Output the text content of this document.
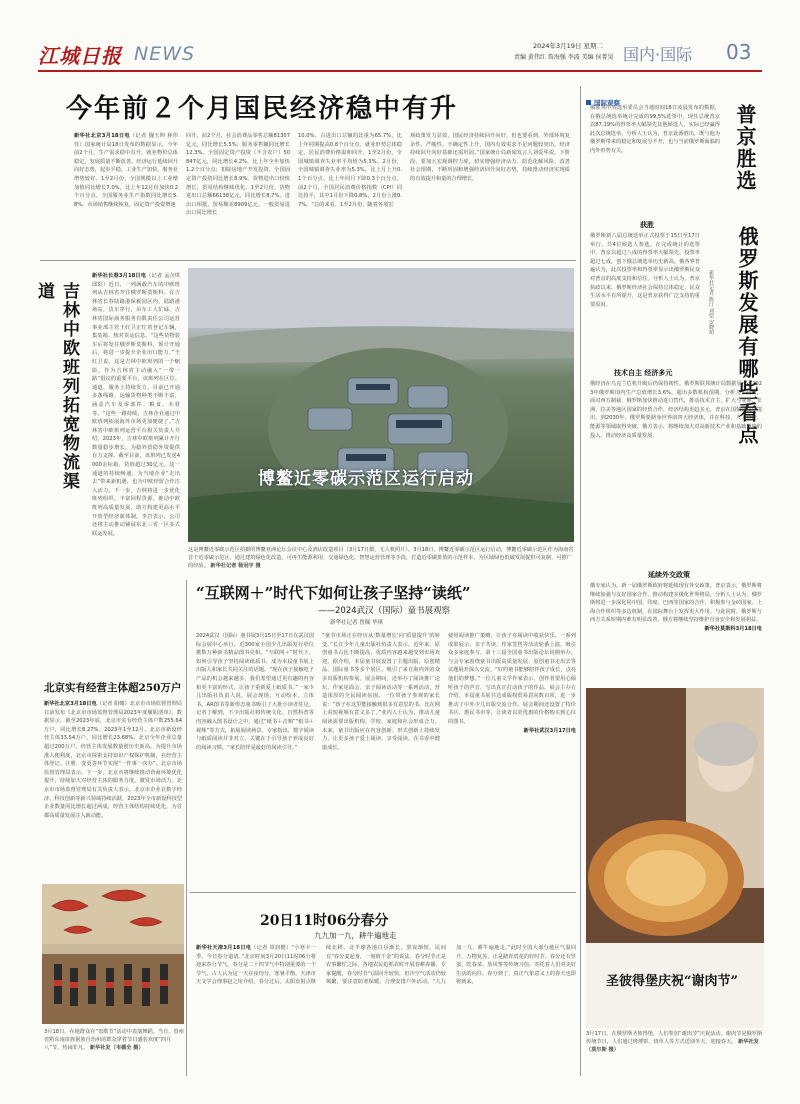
江城日报 NEWS	2024年3月19日 星期二
责编 黄伟红 詹海强 李波 美编 侯菁昊 国内·国际 03
今年前２个月国民经济稳中有升
新华社北京3月18日电（记者 魏玉坤 林伟佳）国家统计局18日发布的数据显示，今年前2个月，生产需求稳中有升，就业物价总体稳定，发展质量不断改善，经济运行延续回升向好态势，起步平稳。工业生产加快，服务业增势较好。1至2月份，全国规模以上工业增加值同比增长7.0%，比上年12月份加快0.2个百分点。全国服务业生产指数同比增长5.8%。市场销售继续恢复，固定资产投资增速
回升。前2个月，社会消费品零售总额81307亿元，同比增长5.5%；服务零售额同比增长12.3%。全国固定资产投资（不含农户）50847亿元，同比增长4.2%，比上年全年加快1.2个百分点；扣除房地产开发投资，全国固定资产投资同比增长8.9%。货物进出口较快增长，贸易结构继续优化。1至2月份，货物进出口总额66138亿元，同比增长8.7%。进出口相抵，贸易顺差8909亿元。一般贸易进出口同比增长
10.0%，占进出口总额的比重为65.7%，比上年同期提高0.8个百分点。就业形势总体稳定，居民消费价格温和回升。1至2月份，全国城镇调查失业率平均值为5.3%。2月份，全国城镇调查失业率为5.3%，比上月上升0.1个百分点，比上年同月下降0.3个百分点。前2个月，全国居民消费价格指数（CPI）同比持平，其中1月份下降0.8%，2月份上涨0.7%。“总的来看，1至2月份，随着各项宏
观政策发力显效，国民经济持续回升向好，但也要看到，外部环境复杂性、严峻性、不确定性上升，国内有效需求不足问题较突出，经济持续回升向好基础还需巩固。”国家统计局新闻发言人刘爱华说，下阶段，要加大宏观调控力度，切实增强经济活力、防范化解风险、改善社会预期，不断巩固和增强经济回升向好态势，持续推动经济实现质的有效提升和量的合理增长。
吉林中欧班列拓宽物流渠道
新华社长春3月18日电（记者 孟含琪 邱阳）近日，一列满载汽车的中欧班列从吉林省开往俄罗斯莫斯科。在吉林省长春陆路港保税园区内，陆路港场站，货车穿行，吊车工人忙碌，吉林省国际商务服务有限责任公司运营事业部主管王红卫正忙着登记车辆，集装箱、核对货运信息。“这些货物装车后将发往俄罗斯莫斯科，预计开通后，将进一步提升企业出口能力。”王红卫说。这是吉林中欧班列的一个缩影。作为吉林省主动融入“一带一路”倡议的重要平台，该班列在区位、通道、服务上持续发力，目前已开通多条线路，运输货物种类不断丰富，涵盖汽车及零部件、粮食、木材等。“这些一路持续，吉林企业通过中欧班列拓展海外市场更加便捷了。”吉林省中欧班列运营平台相关负责人介绍，2023年，吉林中欧班列累计开行数量稳步增长，为稳外贸稳外资提供有力支撑。截至目前，该班列已发送4000余标箱，货值超过30亿元。这一通道的持续畅通，为当地企业“走出去”带来新机遇，也为中欧经贸合作注入活力。下一步，吉林将进一步优化班列组织，丰富回程货源，推动中欧班列高质量发展，助力构建更高水平开放型经济新体制。李岩表示，公司还将主动推动铺展东北三省一区多式联运发展。
博鳌近零碳示范区运行启动
这是博鳌近零碳示范区拍摄的博鳌亚洲论坛会议中心及酒店改造项目（3月17日摄，无人机照片）。3月18日，博鳌近零碳示范区运行启动，博鳌近零碳示范区作为海南省首个近零碳示范区，通过建筑绿色化改造、可再生能源利用、交通绿色化、智慧运营管理等手段，打造近零碳排放的示范样本，为区域绿色低碳发展提供可复制、可推广的经验。 新华社记者 杨冠宇 摄
北京实有经营主体超250万户
新华社北京3月18日电（记者 阳娜）北京市市场监督管理局日前发布《北京市市场监督管理局2023年度履职清单》。数据显示，截至2023年底，北京市实有经营主体户数255.64万户，同比增长8.27%。2023年1至12月，北京市新设经营主体33.54万户，同比增长23.68%。北京全年企业总量超过200万户，经营主体发展数量创历史新高。为提升市场准入便利度，北京市探索支持知识产权保护机制，在经营主体登记、注册、变更等环节实现“一件事一次办”。北京市场监督管理局表示，下一步，北京市将继续推动营商环境优化提升，持续加大对经营主体的服务力度，激发市场活力。北京市市场监督管理局有关负责人表示，北京市企业在数字经济、科技创新等新兴领域持续活跃，2023年全市新设科技型企业数量同比增长超过两成，经营主体结构持续优化，为首都高质量发展注入新动能。
3月18日，在地群众在“盘歌节”活动中表演舞蹈。当日，贵州省黔东南苗族侗族自治州的群众穿着节日盛装欢度“四月八”节，热闹非凡。 新华社发（韦德全 摄）
“互联网＋”时代下如何让孩子坚持“读纸”
——2024武汉（国际）童书展观察
新华社记者 曾佩 毕琪
2024武汉（国际）童书展3月15日至17日在武汉国际会展中心举行，近300家全国少儿出版发行单位携数万种新书精品图书亮相。“互联网＋”时代下，如何引导孩子坚持阅读纸质书，成为本届童书展上出版人和家长共同关注的话题。“现在孩子接触电子产品的机会越来越多，我们希望通过更有趣的内容和更丰富的形式，让孩子重新爱上纸质书。”一家少儿出版社负责人说。展会现场，互动绘本、立体书、AR图书等新形态童书吸引了大批小读者驻足。记者了解到，不少出版社将传统文化、自然科普等内容融入图书设计之中，通过“纸书＋音频”“纸书＋视频”等方式，拓展阅读场景。专家指出，数字阅读与纸质阅读并非对立，关键在于引导孩子养成良好的阅读习惯。“家长陪伴是最好的阅读引导。”
“童书市场正在经历从‘数量增长’向‘质量提升’的转变。”长江少年儿童出版社负责人表示，近年来，原创童书占比不断提高，优质内容越来越受到市场欢迎。据介绍，本届童书展设置了主题出版、原创精品、国际童书等多个展区，吸引了来自海内外的众多出版机构参展。展会期间，还举办了阅读推广论坛、作家见面会、亲子阅读活动等一系列活动，营造浓厚的全民阅读氛围。一位带孩子参观的家长说：“孩子在这里能接触到很多有意思的书，比在网上看短视频有意义多了。”业内人士认为，推动儿童阅读需要出版机构、学校、家庭和社会形成合力。未来，童书出版应在内容创新、形式创新上持续发力，让更多孩子爱上阅读、享受阅读，在书香中健康成长。
使用阅读推广策略，让孩子在阅读中收获快乐。一系列成果展示、亲子共读、作家签售等活动轮番上演，吸引众多家庭参与。第十三届全国童书出版论坛同期举办，与会专家围绕童书出版高质量发展、原创童书走出去等议题展开深入交流。“好的童书能够陪伴孩子成长，点亮他们的梦想。”一位儿童文学作家表示，创作者要用心倾听孩子的声音，写出真正打动孩子的作品。展会主办方介绍，本届童书展共达成版权贸易意向数百项，进一步推动了中外少儿出版交流合作。展会期间还设置了特价书区、惠民书市等，让读者以更优惠的价格购买到心仪的图书。
新华社武汉3月17日电
20日11时06分春分
九九加一九，耕牛遍地走
新华社天津3月18日电（记者 周润健）“小寒卡一季，今日春分道清。”北京时间3月20日11时06分将迎来春分节气。春分是二十四节气中特别重要的一个节气，古人认为这一天昼夜均分，寒暑平衡。天津市天文学会理事赵之珩介绍，春分过后，太阳直射点继续北移，北半球各地白昼渐长，黑夜渐短。民间有“春分麦起身，一刻值千金”的说法，春分时节正是农事繁忙之际，各地农民抢抓农时开展春耕春播。专家提醒，春分时节气温回升较快，但冷空气活动仍较频繁，要注意防寒保暖，合理安排户外活动。“九九加一九，耕牛遍地走。”此时全国大部分地区气温回升，万物复苏，正是踏青赏花的好时节。春分还有竖蛋、吃春菜、放风筝等传统习俗，寄托着人们对美好生活的向往。春分到了，真正气象意义上的春天也即将到来。
国际观察
俄联邦中央选举委员会当地时间18日凌晨发布的数据，在俄总统选举统计完成的99.5%选票中，现任总统普京以87.19%的得票率大幅领先其他候选人，实际已经赢得此次总统选举。分析人士认为，普京此番胜出，既与他为俄罗斯带来的稳定和发展分不开，也与当前俄罗斯面临的内外形势有关。	普京胜选
俄罗斯发展有哪些看点
新华社记者 陈汀 刘恺 安晓萌
获胜
俄罗斯新八届总统选举正式投票于15日至17日举行，共4位候选人参选。在完成统计的选票中，普京以超过八成的得票率大幅领先，投票率超过七成，创下俄总统选举历史新高。俄各界普遍认为，此次投票率和得票率显示出俄罗斯民众对普京的高度支持和信任。分析人士认为，普京执政以来，俄罗斯经济社会保持总体稳定，民众生活水平有所提升，这是普京获得广泛支持的重要原因。
技术自主 经济多元
俄经济在乌克兰危机升级后仍保持韧性。俄罗斯联邦统计局数据显示，2023年俄罗斯国内生产总值增长3.6%，超出多数机构预期。分析人士指出，面对西方制裁，俄罗斯加快推动进口替代，推动技术自主，扩大与亚洲、非洲、拉美等地区国家的经贸合作，经济结构更趋多元。普京在国情咨文中提出，到2030年，俄罗斯要跻身世界前四大经济体，并在科技、人工智能、能源等领域取得突破。俄方表示，将继续加大对高新技术产业和基础设施的投入，推动经济高质量发展。
延续外交政策
俄专家认为，新一届俄罗斯政府将延续现有外交政策。普京表示，俄罗斯将继续加强与友好国家合作，推动构建多极化世界格局。分析人士认为，俄罗斯将进一步深化同中国、印度、巴西等国家的合作，积极参与金砖国家、上海合作组织等多边机制，在国际舞台上发挥更大作用。与此同时，俄罗斯与西方关系短期内难有明显改善，俄方将继续坚持维护自身安全和发展利益。
新华社莫斯科3月18日电
圣彼得堡庆祝“谢肉节”
3月17日，在俄罗斯圣彼得堡，人们参加“谢肉节”庆祝活动。谢肉节是俄罗斯传统节日，人们通过烤薄饼、烧草人等方式送别冬天、迎接春天。 新华社发（莫尔斯 摄）
